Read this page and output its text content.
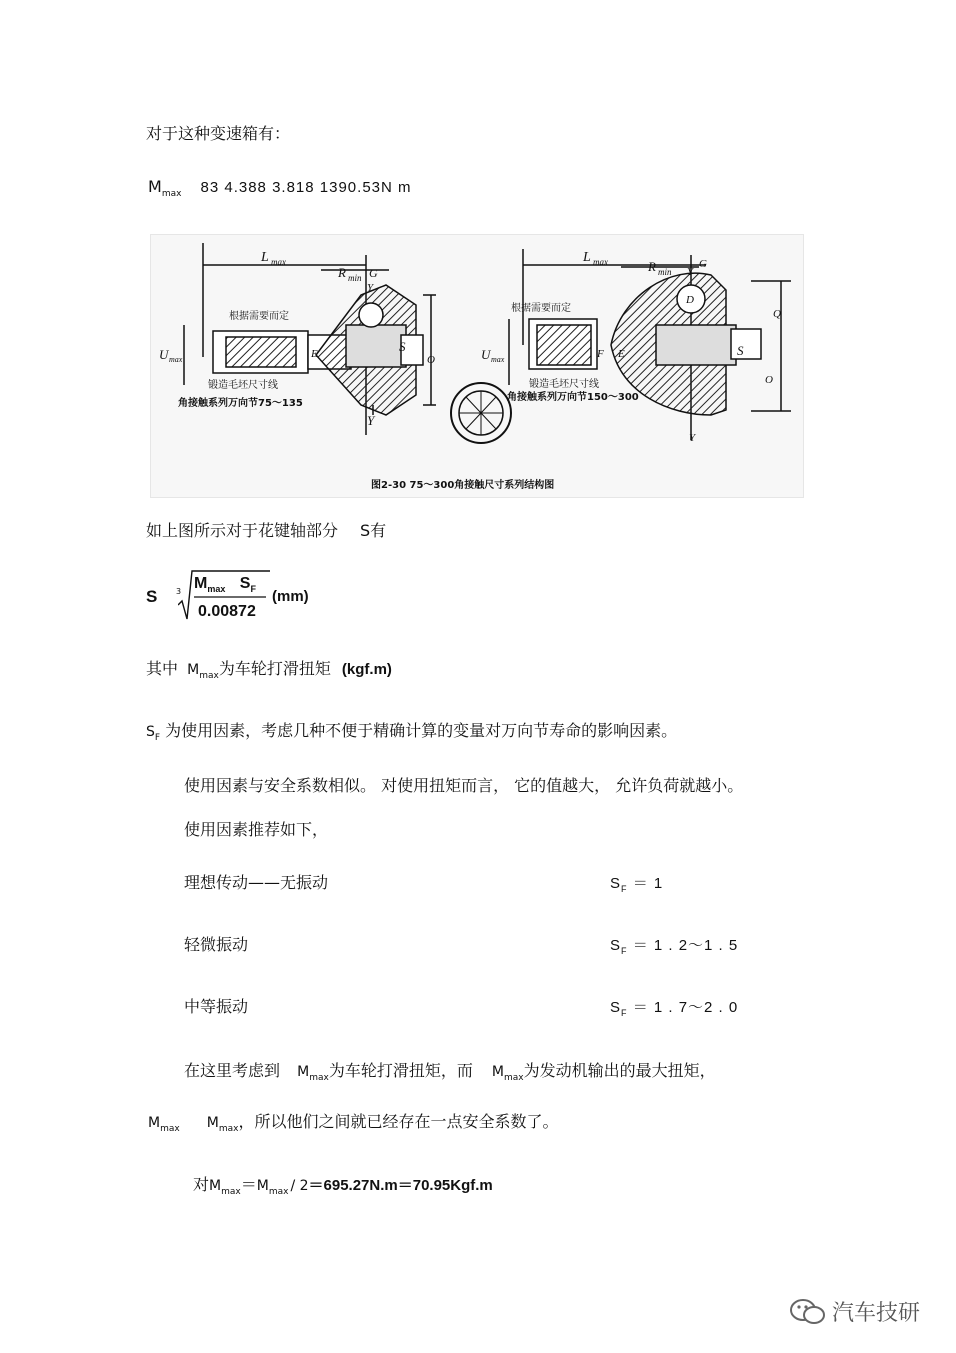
对于这种变速箱有：
$M_{max}$ 83 4.388 3.818 1390.53N m
L max
R min G
Y
根据需要而定
U max	E	S
O
锻造毛坯尺寸线
角接触系列万向节75～135
Y
L max	R min
G
Y
D
根据需要而定
U max	F E	S
Q
O
锻造毛坯尺寸线
角接触系列万向节150～300
Y
图2-30 75～300角接触尺寸系列结构图
如上图所示对于花键轴部分 S有
S 3 $M_{max}$ $S_F$
0.00872
(mm)
其中 $M_{max}$为车轮打滑扭矩 (kgf.m)
$S_F$ 为使用因素，考虑几种不便于精确计算的变量对万向节寿命的影响因素。
使用因素与安全系数相似。 对使用扭矩而言， 它的值越大， 允许负荷就越小。
使用因素推荐如下，
理想传动——无振动	$S_F = 1$
轻微振动	$S_F = 1$ . 2～1 . 5
中等振动	$S_F = 1$ . 7～2 . 0
在这里考虑到 $M_{max}$为车轮打滑扭矩，而 $M_{max}$为发动机输出的最大扭矩，
$M_{max}$ $M_{max}$，所以他们之间就已经存在一点安全系数了。
对$M_{max}=M_{max} / 2=695.27N.m=70.95Kgf.m$
汽车技研
